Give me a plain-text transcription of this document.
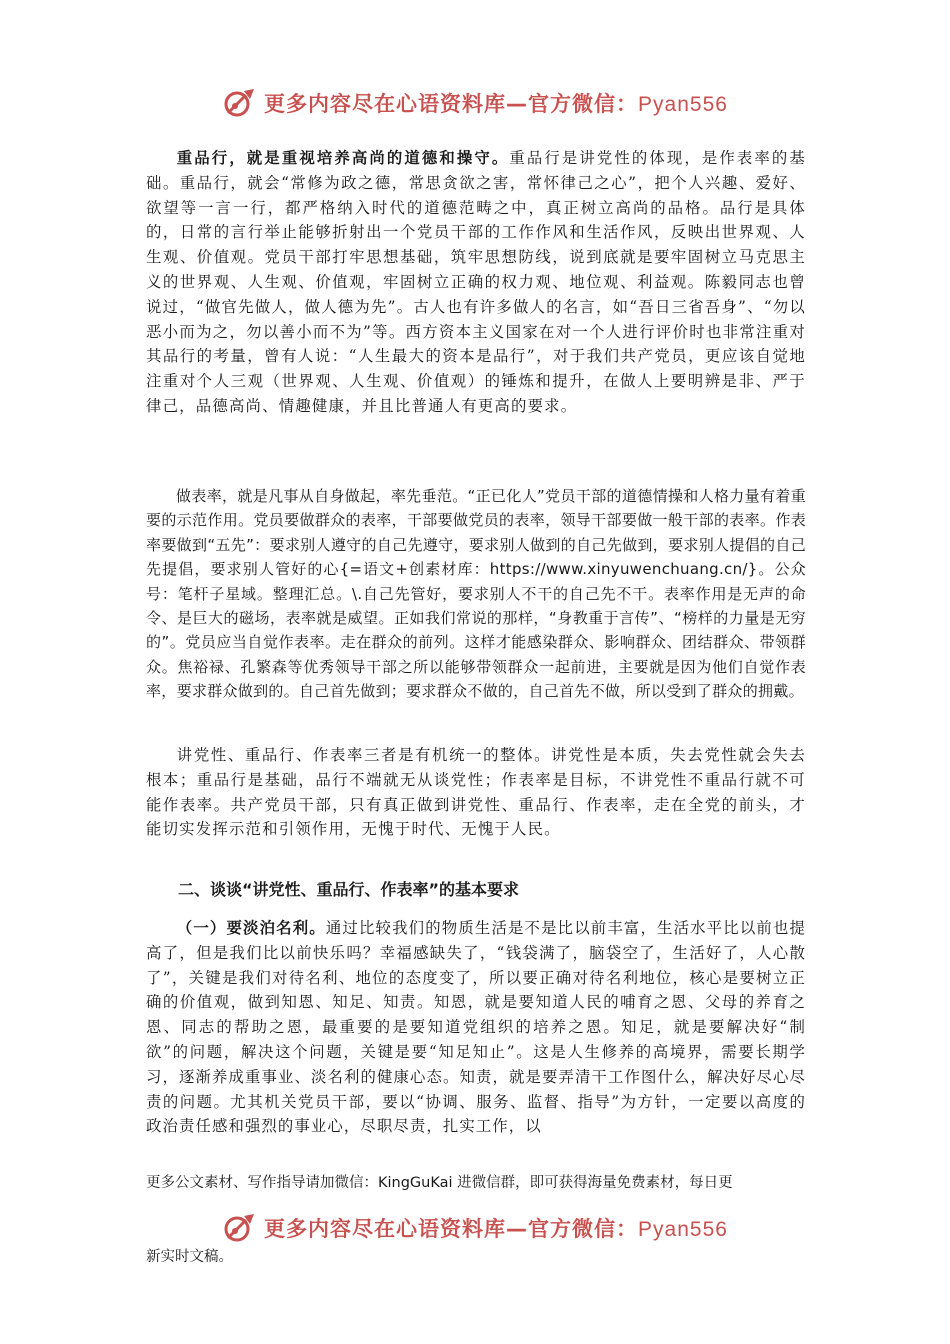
更多内容尽在心语资料库—官方微信：Pyan556

重品行，就是重视培养高尚的道德和操守。重品行是讲党性的体现，是作表率的基础。重品行，就会“常修为政之德，常思贪欲之害，常怀律己之心”，把个人兴趣、爱好、欲望等一言一行，都严格纳入时代的道德范畴之中，真正树立高尚的品格。品行是具体的，日常的言行举止能够折射出一个党员干部的工作作风和生活作风，反映出世界观、人生观、价值观。党员干部打牢思想基础，筑牢思想防线，说到底就是要牢固树立马克思主义的世界观、人生观、价值观，牢固树立正确的权力观、地位观、利益观。陈毅同志也曾说过，“做官先做人，做人德为先”。古人也有许多做人的名言，如“吾日三省吾身”、“勿以恶小而为之，勿以善小而不为”等。西方资本主义国家在对一个人进行评价时也非常注重对其品行的考量，曾有人说：“人生最大的资本是品行”，对于我们共产党员，更应该自觉地注重对个人三观（世界观、人生观、价值观）的锤炼和提升，在做人上要明辨是非、严于律己，品德高尚、情趣健康，并且比普通人有更高的要求。

做表率，就是凡事从自身做起，率先垂范。“正已化人”党员干部的道德情操和人格力量有着重要的示范作用。党员要做群众的表率，干部要做党员的表率，领导干部要做一般干部的表率。作表率要做到“五先”：要求别人遵守的自己先遵守，要求别人做到的自己先做到，要求别人提倡的自己先提倡，要求别人管好的心{=语文+创素材库：https://www.xinyuwenchuang.cn/}。公众号：笔杆子星域。整理汇总。\.自己先管好，要求别人不干的自己先不干。表率作用是无声的命令、是巨大的磁场，表率就是威望。正如我们常说的那样，“身教重于言传”、“榜样的力量是无穷的”。党员应当自觉作表率。走在群众的前列。这样才能感染群众、影响群众、团结群众、带领群众。焦裕禄、孔繁森等优秀领导干部之所以能够带领群众一起前进，主要就是因为他们自觉作表率，要求群众做到的。自己首先做到；要求群众不做的，自己首先不做，所以受到了群众的拥戴。

讲党性、重品行、作表率三者是有机统一的整体。讲党性是本质，失去党性就会失去根本；重品行是基础，品行不端就无从谈党性；作表率是目标，不讲党性不重品行就不可能作表率。共产党员干部，只有真正做到讲党性、重品行、作表率，走在全党的前头，才能切实发挥示范和引领作用，无愧于时代、无愧于人民。

二、谈谈“讲党性、重品行、作表率”的基本要求

（一）要淡泊名利。通过比较我们的物质生活是不是比以前丰富，生活水平比以前也提高了，但是我们比以前快乐吗？幸福感缺失了，“钱袋满了，脑袋空了，生活好了，人心散了”，关键是我们对待名利、地位的态度变了，所以要正确对待名利地位，核心是要树立正确的价值观，做到知恩、知足、知责。知恩，就是要知道人民的哺育之恩、父母的养育之恩、同志的帮助之恩，最重要的是要知道党组织的培养之恩。知足，就是要解决好“制欲”的问题，解决这个问题，关键是要“知足知止”。这是人生修养的高境界，需要长期学习，逐渐养成重事业、淡名利的健康心态。知责，就是要弄清干工作图什么，解决好尽心尽责的问题。尤其机关党员干部，要以“协调、服务、监督、指导”为方针，一定要以高度的政治责任感和强烈的事业心，尽职尽责，扎实工作，以

更多公文素材、写作指导请加微信：KingGuKai 进微信群，即可获得海量免费素材，每日更

更多内容尽在心语资料库—官方微信：Pyan556

新实时文稿。
